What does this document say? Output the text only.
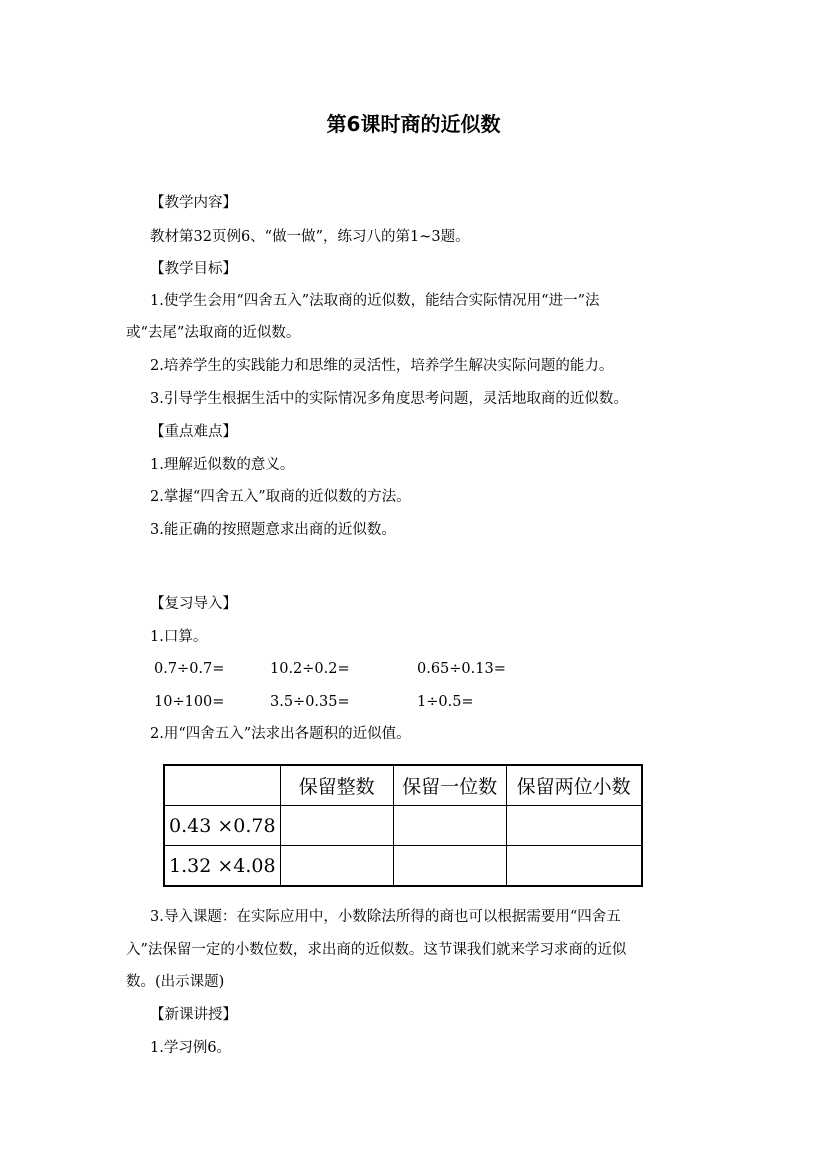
第6课时商的近似数
【教学内容】
教材第32页例6、“做一做”，练习八的第1~3题。
【教学目标】
1.使学生会用“四舍五入”法取商的近似数，能结合实际情况用“进一”法
或“去尾”法取商的近似数。
2.培养学生的实践能力和思维的灵活性，培养学生解决实际问题的能力。
3.引导学生根据生活中的实际情况多角度思考问题，灵活地取商的近似数。
【重点难点】
1.理解近似数的意义。
2.掌握“四舍五入”取商的近似数的方法。
3.能正确的按照题意求出商的近似数。
【复习导入】
1.口算。
0.7÷0.7=	10.2÷0.2=	0.65÷0.13=
10÷100=	3.5÷0.35=	1÷0.5=
2.用“四舍五入”法求出各题积的近似值。
	保留整数	保留一位数	保留两位小数
0.43 ×0.78			
1.32 ×4.08			
3.导入课题：在实际应用中，小数除法所得的商也可以根据需要用“四舍五
入”法保留一定的小数位数，求出商的近似数。这节课我们就来学习求商的近似
数。(出示课题)
【新课讲授】
1.学习例6。
